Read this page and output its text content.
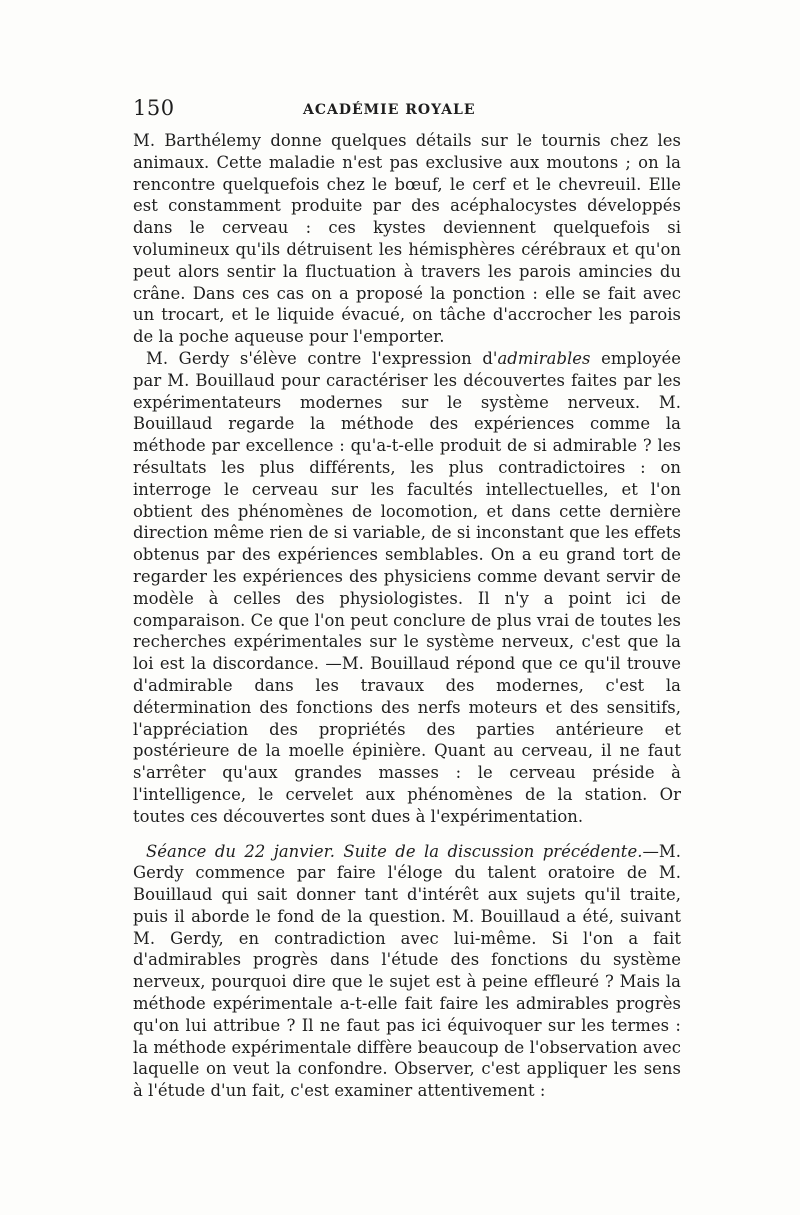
150	ACADÉMIE ROYALE

M. Barthélemy donne quelques détails sur le tournis chez les animaux. Cette maladie n'est pas exclusive aux moutons ; on la rencontre quelquefois chez le bœuf, le cerf et le chevreuil. Elle est constamment produite par des acéphalocystes développés dans le cerveau : ces kystes deviennent quelquefois si volumineux qu'ils détruisent les hémisphères cérébraux et qu'on peut alors sentir la fluctuation à travers les parois amincies du crâne. Dans ces cas on a proposé la ponction : elle se fait avec un trocart, et le liquide évacué, on tâche d'accrocher les parois de la poche aqueuse pour l'emporter.

M. Gerdy s'élève contre l'expression d'admirables employée par M. Bouillaud pour caractériser les découvertes faites par les expérimentateurs modernes sur le système nerveux. M. Bouillaud regarde la méthode des expériences comme la méthode par excellence : qu'a-t-elle produit de si admirable ? les résultats les plus différents, les plus contradictoires : on interroge le cerveau sur les facultés intellectuelles, et l'on obtient des phénomènes de locomotion, et dans cette dernière direction même rien de si variable, de si inconstant que les effets obtenus par des expériences semblables. On a eu grand tort de regarder les expériences des physiciens comme devant servir de modèle à celles des physiologistes. Il n'y a point ici de comparaison. Ce que l'on peut conclure de plus vrai de toutes les recherches expérimentales sur le système nerveux, c'est que la loi est la discordance. —M. Bouillaud répond que ce qu'il trouve d'admirable dans les travaux des modernes, c'est la détermination des fonctions des nerfs moteurs et des sensitifs, l'appréciation des propriétés des parties antérieure et postérieure de la moelle épinière. Quant au cerveau, il ne faut s'arrêter qu'aux grandes masses : le cerveau préside à l'intelligence, le cervelet aux phénomènes de la station. Or toutes ces découvertes sont dues à l'expérimentation.

Séance du 22 janvier. Suite de la discussion précédente.—M. Gerdy commence par faire l'éloge du talent oratoire de M. Bouillaud qui sait donner tant d'intérêt aux sujets qu'il traite, puis il aborde le fond de la question. M. Bouillaud a été, suivant M. Gerdy, en contradiction avec lui-même. Si l'on a fait d'admirables progrès dans l'étude des fonctions du système nerveux, pourquoi dire que le sujet est à peine effleuré ? Mais la méthode expérimentale a-t-elle fait faire les admirables progrès qu'on lui attribue ? Il ne faut pas ici équivoquer sur les termes : la méthode expérimentale diffère beaucoup de l'observation avec laquelle on veut la confondre. Observer, c'est appliquer les sens à l'étude d'un fait, c'est examiner attentivement :
